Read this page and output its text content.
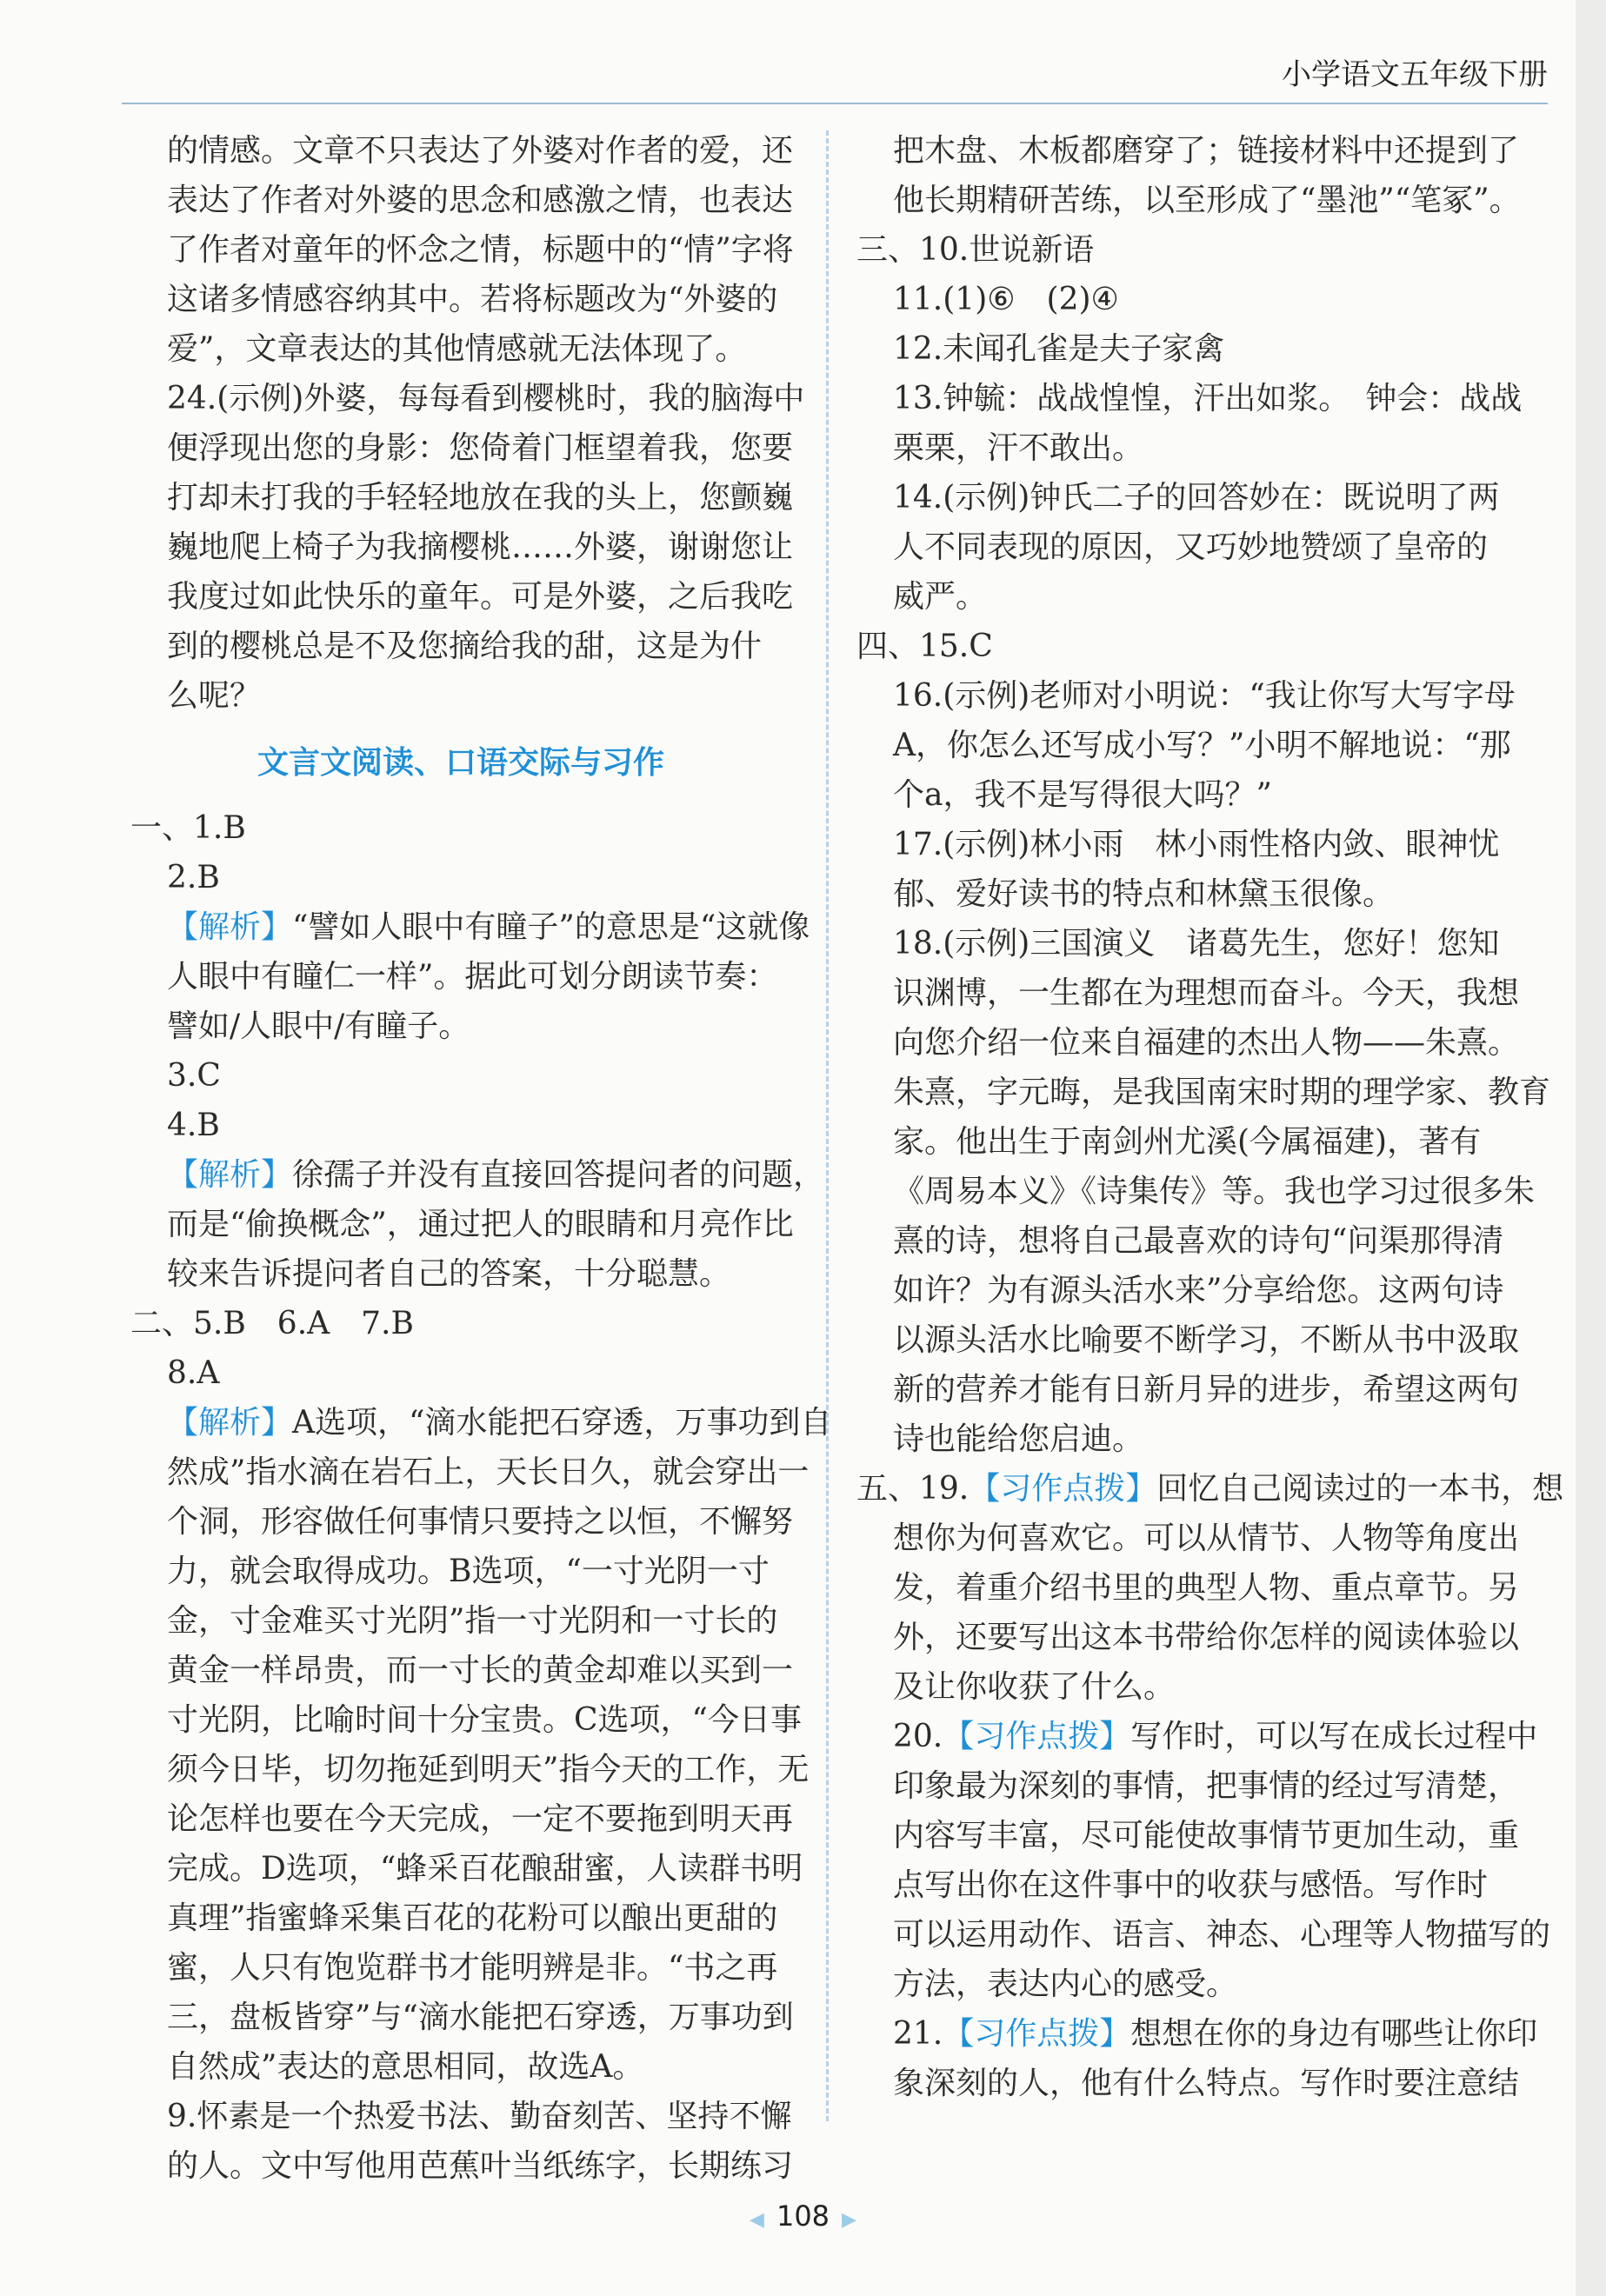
小学语文五年级下册
的情感。文章不只表达了外婆对作者的爱，还
表达了作者对外婆的思念和感激之情，也表达
了作者对童年的怀念之情，标题中的“情”字将
这诸多情感容纳其中。若将标题改为“外婆的
爱”，文章表达的其他情感就无法体现了。
24.(示例)外婆，每每看到樱桃时，我的脑海中
便浮现出您的身影：您倚着门框望着我，您要
打却未打我的手轻轻地放在我的头上，您颤巍
巍地爬上椅子为我摘樱桃……外婆，谢谢您让
我度过如此快乐的童年。可是外婆，之后我吃
到的樱桃总是不及您摘给我的甜，这是为什
么呢？
文言文阅读、口语交际与习作
一、1.B
2.B
【解析】“譬如人眼中有瞳子”的意思是“这就像
人眼中有瞳仁一样”。据此可划分朗读节奏：
譬如/人眼中/有瞳子。
3.C
4.B
【解析】徐孺子并没有直接回答提问者的问题，
而是“偷换概念”，通过把人的眼睛和月亮作比
较来告诉提问者自己的答案，十分聪慧。
二、5.B　6.A　7.B
8.A
【解析】A选项，“滴水能把石穿透，万事功到自
然成”指水滴在岩石上，天长日久，就会穿出一
个洞，形容做任何事情只要持之以恒，不懈努
力，就会取得成功。B选项，“一寸光阴一寸
金，寸金难买寸光阴”指一寸光阴和一寸长的
黄金一样昂贵，而一寸长的黄金却难以买到一
寸光阴，比喻时间十分宝贵。C选项，“今日事
须今日毕，切勿拖延到明天”指今天的工作，无
论怎样也要在今天完成，一定不要拖到明天再
完成。D选项，“蜂采百花酿甜蜜，人读群书明
真理”指蜜蜂采集百花的花粉可以酿出更甜的
蜜，人只有饱览群书才能明辨是非。“书之再
三，盘板皆穿”与“滴水能把石穿透，万事功到
自然成”表达的意思相同，故选A。
9.怀素是一个热爱书法、勤奋刻苦、坚持不懈
的人。文中写他用芭蕉叶当纸练字，长期练习
把木盘、木板都磨穿了；链接材料中还提到了
他长期精研苦练，以至形成了“墨池”“笔冢”。
三、10.世说新语
11.(1)⑥　(2)④
12.未闻孔雀是夫子家禽
13.钟毓：战战惶惶，汗出如浆。　钟会：战战
栗栗，汗不敢出。
14.(示例)钟氏二子的回答妙在：既说明了两
人不同表现的原因，又巧妙地赞颂了皇帝的
威严。
四、15.C
16.(示例)老师对小明说：“我让你写大写字母
A，你怎么还写成小写？”小明不解地说：“那
个a，我不是写得很大吗？”
17.(示例)林小雨　林小雨性格内敛、眼神忧
郁、爱好读书的特点和林黛玉很像。
18.(示例)三国演义　诸葛先生，您好！您知
识渊博，一生都在为理想而奋斗。今天，我想
向您介绍一位来自福建的杰出人物——朱熹。
朱熹，字元晦，是我国南宋时期的理学家、教育
家。他出生于南剑州尤溪(今属福建)，著有
《周易本义》《诗集传》等。我也学习过很多朱
熹的诗，想将自己最喜欢的诗句“问渠那得清
如许？为有源头活水来”分享给您。这两句诗
以源头活水比喻要不断学习，不断从书中汲取
新的营养才能有日新月异的进步，希望这两句
诗也能给您启迪。
五、19.【习作点拨】回忆自己阅读过的一本书，想
想你为何喜欢它。可以从情节、人物等角度出
发，着重介绍书里的典型人物、重点章节。另
外，还要写出这本书带给你怎样的阅读体验以
及让你收获了什么。
20.【习作点拨】写作时，可以写在成长过程中
印象最为深刻的事情，把事情的经过写清楚，
内容写丰富，尽可能使故事情节更加生动，重
点写出你在这件事中的收获与感悟。写作时
可以运用动作、语言、神态、心理等人物描写的
方法，表达内心的感受。
21.【习作点拨】想想在你的身边有哪些让你印
象深刻的人，他有什么特点。写作时要注意结
◀ 108 ▶
